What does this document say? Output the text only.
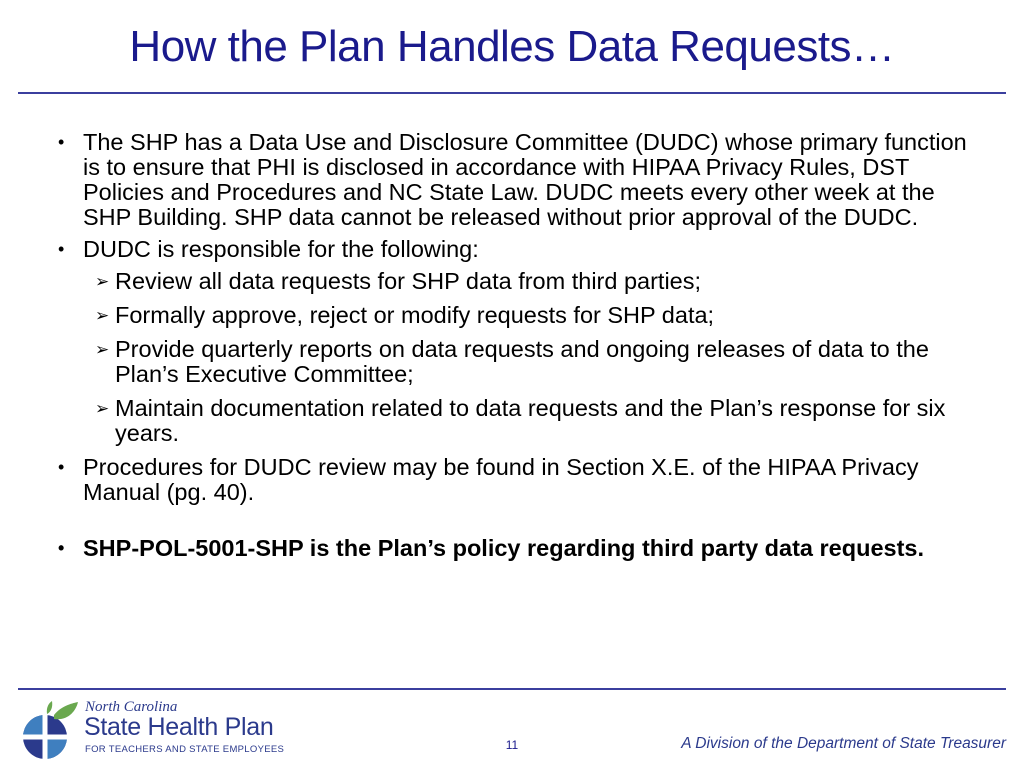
How the Plan Handles Data Requests…
• The SHP has a Data Use and Disclosure Committee (DUDC) whose primary function is to ensure that PHI is disclosed in accordance with HIPAA Privacy Rules, DST Policies and Procedures and NC State Law. DUDC meets every other week at the SHP Building. SHP data cannot be released without prior approval of the DUDC.
• DUDC is responsible for the following:
➢ Review all data requests for SHP data from third parties;
➢ Formally approve, reject or modify requests for SHP data;
➢ Provide quarterly reports on data requests and ongoing releases of data to the Plan’s Executive Committee;
➢ Maintain documentation related to data requests and the Plan’s response for six years.
• Procedures for DUDC review may be found in Section X.E. of the HIPAA Privacy Manual (pg. 40).
• SHP-POL-5001-SHP is the Plan’s policy regarding third party data requests.
North Carolina
State Health Plan
FOR TEACHERS AND STATE EMPLOYEES	11	A Division of the Department of State Treasurer
